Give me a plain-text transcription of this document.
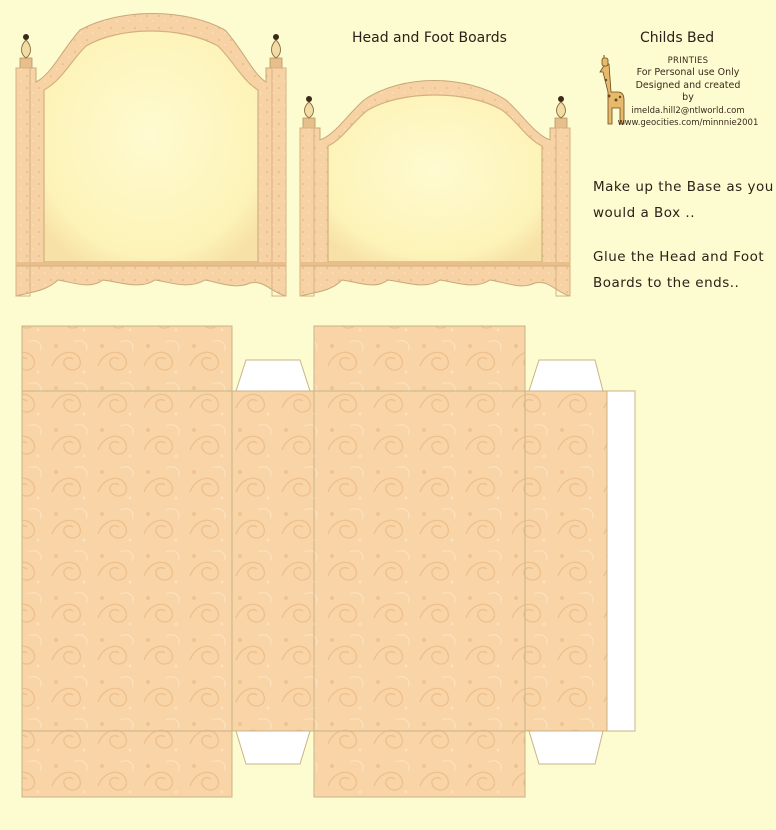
Head and Foot Boards	Childs Bed
PRINTIES
For Personal use Only
Designed and created
by
imelda.hill2@ntlworld.com
www.geocities.com/minnnie2001
Make up the Base as you
would a Box ..
Glue the Head and Foot
Boards to the ends..
